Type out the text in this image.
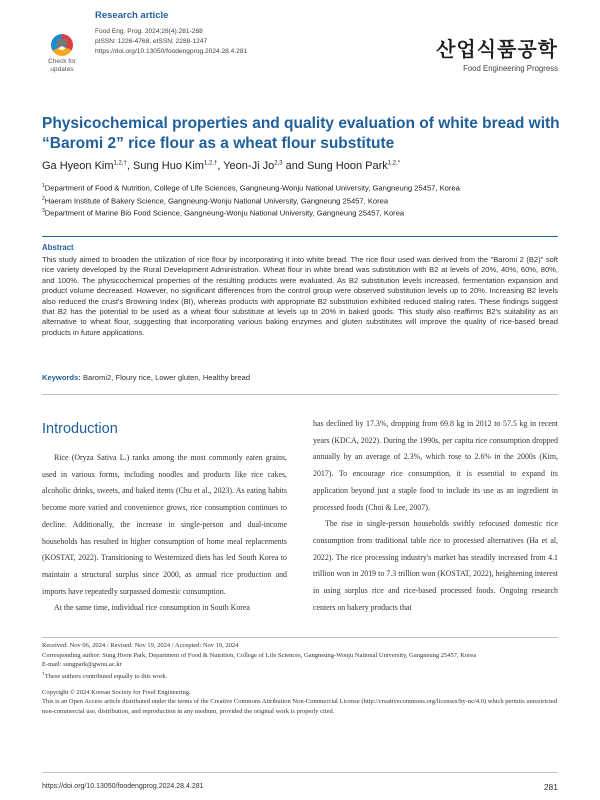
Check for
updates
Research article
Food Eng. Prog. 2024;28(4):281-288
pISSN: 1226-4768, eISSN: 2288-1247
https://doi.org/10.13050/foodengprog.2024.28.4.281	산업식품공학
Food Engineering Progress
Physicochemical properties and quality evaluation of white bread with “Baromi 2” rice flour as a wheat flour substitute
Ga Hyeon Kim$^{1,2,\dagger}$, Sung Huo Kim$^{1,2,\dagger}$, Yeon-Ji Jo$^{2,3}$ and Sung Hoon Park$^{1,2,*}$
$^1$Department of Food & Nutrition, College of Life Sciences, Gangneung-Wonju National University, Gangneung 25457, Korea
$^2$Haeram Institute of Bakery Science, Gangneung-Wonju National University, Gangneung 25457, Korea
$^3$Department of Marine Bio Food Science, Gangneung-Wonju National University, Gangneung 25457, Korea
Abstract
This study aimed to broaden the utilization of rice flour by incorporating it into white bread. The rice flour used was derived from the "Baromi 2 (B2)" soft rice variety developed by the Rural Development Administration. Wheat flour in white bread was substitution with B2 at levels of 20%, 40%, 60%, 80%, and 100%. The physicochemical properties of the resulting products were evaluated. As B2 substitution levels increased, fermentation expansion and product volume decreased. However, no significant differences from the control group were observed substitution levels up to 20%. Increasing B2 levels also reduced the crust's Browning Index (BI), whereas products with appropriate B2 substitution exhibited reduced staling rates. These findings suggest that B2 has the potential to be used as a wheat flour substitute at levels up to 20% in baked goods. This study also reaffirms B2's suitability as an alternative to wheat flour, suggesting that incorporating various baking enzymes and gluten substitutes will improve the quality of rice-based bread products in future applications.
Keywords: Baromi2, Floury rice, Lower gluten, Healthy bread
Introduction

Rice (Oryza Sativa L.) ranks among the most commonly eaten grains, used in various forms, including noodles and products like rice cakes, alcoholic drinks, sweets, and baked items (Chu et al., 2023). As eating habits become more varied and convenience grows, rice consumption continues to decline. Additionally, the increase in single-person and dual-income households has resulted in higher consumption of home meal replacements (KOSTAT, 2022). Transitioning to Westernized diets has led South Korea to maintain a structural surplus since 2000, as annual rice production and imports have repeatedly surpassed domestic consumption.

At the same time, individual rice consumption in South Korea

has declined by 17.3%, dropping from 69.8 kg in 2012 to 57.5 kg in recent years (KDCA, 2022). During the 1990s, per capita rice consumption dropped annually by an average of 2.3%, which rose to 2.6% in the 2000s (Kim, 2017). To encourage rice consumption, it is essential to expand its application beyond just a staple food to include its use as an ingredient in processed foods (Choi & Lee, 2007).

The rise in single-person households swiftly refocused domestic rice consumption from traditional table rice to processed alternatives (Ha et al, 2022). The rice processing industry's market has steadily increased from 4.1 trillion won in 2019 to 7.3 trillion won (KOSTAT, 2022), heightening interest in using surplus rice and rice-based processed foods. Ongoing research centers on bakery products that

Received: Nov 06, 2024 / Revised: Nov 19, 2024 / Accepted: Nov 19, 2024
Corresponding author: Sung Hoon Park, Department of Food & Nutrition, College of Life Sciences, Gangneung-Wonju National University, Gangneung 25457, Korea
E-mail: sungpark@gwnu.ac.kr
†These authors contributed equally to this work.
Copyright © 2024 Korean Society for Food Engineering.
This is an Open Access article distributed under the terms of the Creative Commons Attribution Non-Commercial License (http://creativecommons.org/licenses/by-nc/4.0) which permits unrestricted non-commercial use, distribution, and reproduction in any medium, provided the original work is properly cited.
https://doi.org/10.13050/foodengprog.2024.28.4.281	281
